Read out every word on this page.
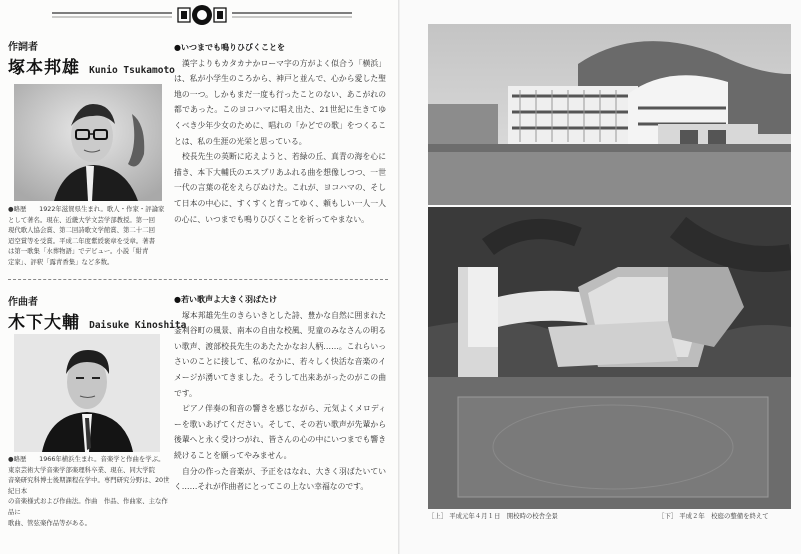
作詞者
塚本邦雄 Kunio Tsukamoto
●略歴　　1922年滋賀県生まれ。歌人・作家・評論家
として著名。現在、近畿大学文芸学部教授。第一回
現代歌人協会賞、第二回詩歌文学館賞、第二十二回
迢空賞等を受賞。平成二年度紫綬褒章を受章。著書
は第一歌集「水葬物語」でデビュー。小説「紺青
定家」、評釈「露青香集」など多数。
●いつまでも鳴りひびくことを

漢字よりもカタカナかローマ字の方がよく似合う「横浜」は、私が小学生のころから、神戸と並んで、心から愛した聖地の一つ。しかもまだ一度も行ったことのない、あこがれの都であった。このヨコハマに唱え出た、21世紀に生きてゆくべき少年少女のために、唱れの「かどでの歌」をつくることは、私の生涯の光栄と思っている。

校長先生の英断に応えようと、若緑の丘、真青の海を心に描き、本下大輔氏のエスプリあふれる曲を想像しつつ、一世一代の言葉の花をえらびぬけた。これが、ヨコハマの、そして日本の中心に、すくすくと育ってゆく、頼もしい一人一人の心に、いつまでも鳴りひびくことを祈ってやまない。

作曲者
木下大輔 Daisuke Kinoshita
●略歴　　1966年横浜生まれ。音楽学と作曲を学ぶ。
東京芸術大学音楽学部楽理科卒業、現在、同大学院
音楽研究科博士後期課程在学中。専門研究分野は、20世紀日本
の音楽様式および作曲法。作曲　作品、作曲家、主な作品に
歌曲、管弦楽作品等がある。
●若い歌声よ大きく羽ばたけ

塚本邦雄先生のきらいきとした詩、豊かな自然に囲まれた釜利谷町の風景、南本の自由な校風、児童のみなさんの明るい歌声、渡部校長先生のあたたかなお人柄……。これらいっさいのことに接して、私のなかに、若々しく快活な音楽のイメージが湧いてきました。そうして出来あがったのがこの曲です。

ピアノ伴奏の和音の響きを感じながら、元気よくメロディーを歌いあげてください。そして、その若い歌声が先輩から後輩へと永く受けつがれ、皆さんの心の中にいつまでも響き続けることを願ってやみません。

自分の作った音楽が、予正をはなれ、大きく羽ばたいていく……それが作曲者にとってこの上ない幸福なのです。

［上］ 平成元年４月１日　開校時の校舎全景	［下］ 平成２年　校庭の整備を終えて
